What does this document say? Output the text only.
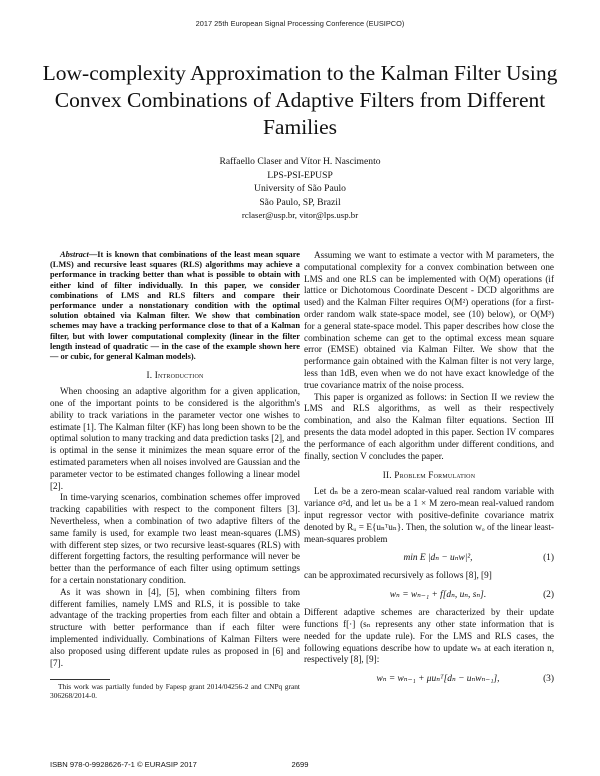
2017 25th European Signal Processing Conference (EUSIPCO)
Low-complexity Approximation to the Kalman Filter Using Convex Combinations of Adaptive Filters from Different Families
Raffaello Claser and Vítor H. Nascimento
LPS-PSI-EPUSP
University of São Paulo
São Paulo, SP, Brazil
rclaser@usp.br, vitor@lps.usp.br

Abstract—It is known that combinations of the least mean square (LMS) and recursive least squares (RLS) algorithms may achieve a performance in tracking better than what is possible to obtain with either kind of filter individually. In this paper, we consider combinations of LMS and RLS filters and compare their performance under a nonstationary condition with the optimal solution obtained via Kalman filter. We show that combination schemes may have a tracking performance close to that of a Kalman filter, but with lower computational complexity (linear in the filter length instead of quadratic — in the case of the example shown here — or cubic, for general Kalman models).

I. Introduction

When choosing an adaptive algorithm for a given application, one of the important points to be considered is the algorithm's ability to track variations in the parameter vector one wishes to estimate [1]. The Kalman filter (KF) has long been shown to be the optimal solution to many tracking and data prediction tasks [2], and is optimal in the sense it minimizes the mean square error of the estimated parameters when all noises involved are Gaussian and the parameter vector to be estimated changes following a linear model [2].

In time-varying scenarios, combination schemes offer improved tracking capabilities with respect to the component filters [3]. Nevertheless, when a combination of two adaptive filters of the same family is used, for example two least mean-squares (LMS) with different step sizes, or two recursive least-squares (RLS) with different forgetting factors, the resulting performance will never be better than the performance of each filter using optimum settings for a certain nonstationary condition.

As it was shown in [4], [5], when combining filters from different families, namely LMS and RLS, it is possible to take advantage of the tracking properties from each filter and obtain a structure with better performance than if each filter were implemented individually. Combinations of Kalman Filters were also proposed using different update rules as proposed in [6] and [7].

This work was partially funded by Fapesp grant 2014/04256-2 and CNPq grant 306268/2014-0.

Assuming we want to estimate a vector with M parameters, the computational complexity for a convex combination between one LMS and one RLS can be implemented with O(M) operations (if lattice or Dichotomous Coordinate Descent - DCD algorithms are used) and the Kalman Filter requires O(M²) operations (for a first-order random walk state-space model, see (10) below), or O(M³) for a general state-space model. This paper describes how close the combination scheme can get to the optimal excess mean square error (EMSE) obtained via Kalman Filter. We show that the performance gain obtained with the Kalman filter is not very large, less than 1dB, even when we do not have exact knowledge of the true covariance matrix of the noise process.

This paper is organized as follows: in Section II we review the LMS and RLS algorithms, as well as their respectively combination, and also the Kalman filter equations. Section III presents the data model adopted in this paper. Section IV compares the performance of each algorithm under different conditions, and finally, section V concludes the paper.

II. Problem Formulation

Let dₙ be a zero-mean scalar-valued real random variable with variance σ²d, and let uₙ be a 1 × M zero-mean real-valued random input regressor vector with positive-definite covariance matrix denoted by Rᵤ = E{uₙᵀuₙ}. Then, the solution wₒ of the linear least-mean-squares problem

min E |dₙ − uₙw|²,	(1)

can be approximated recursively as follows [8], [9]

wₙ = wₙ₋₁ + f[dₙ, uₙ, sₙ].	(2)

Different adaptive schemes are characterized by their update functions f[·] (sₙ represents any other state information that is needed for the update rule). For the LMS and RLS cases, the following equations describe how to update wₙ at each iteration n, respectively [8], [9]:

wₙ = wₙ₋₁ + μuₙᵀ[dₙ − uₙwₙ₋₁],	(3)
ISBN 978-0-9928626-7-1 © EURASIP 2017	2699
